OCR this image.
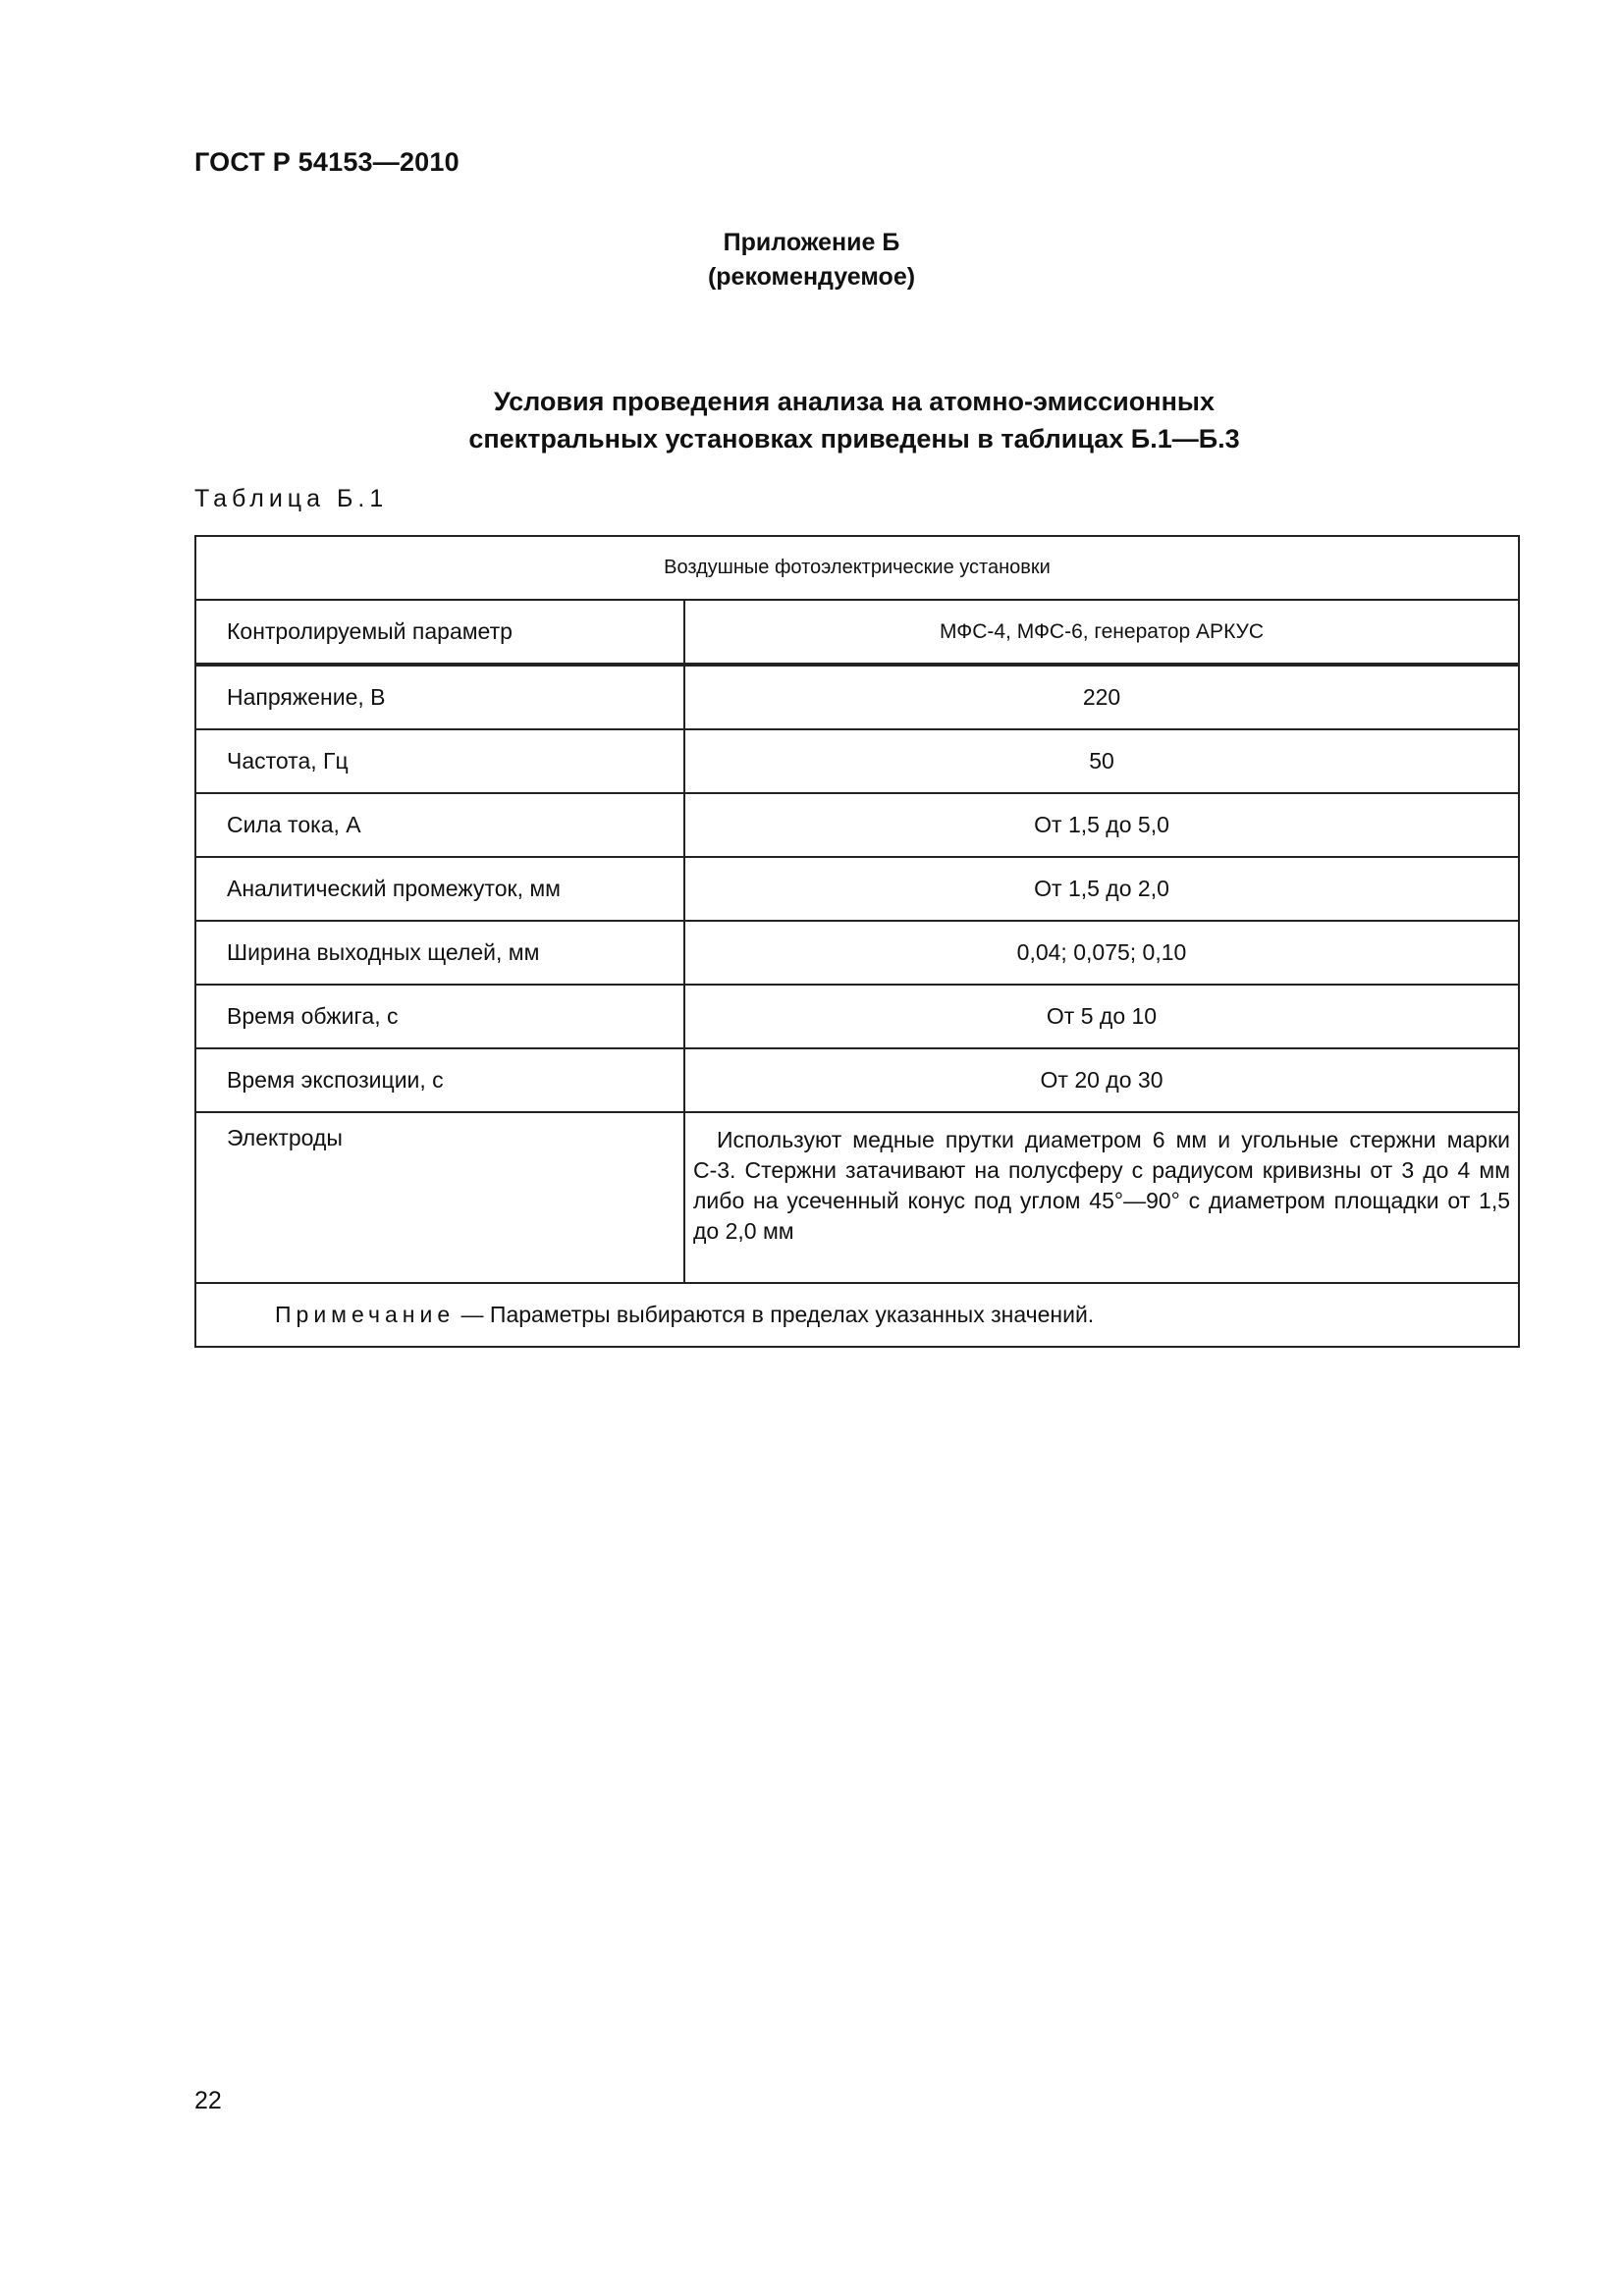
ГОСТ Р 54153—2010
Приложение Б
(рекомендуемое)
Условия проведения анализа на атомно-эмиссионных
спектральных установках приведены в таблицах Б.1—Б.3
Таблица Б.1
Воздушные фотоэлектрические установки	
Контролируемый параметр	МФС-4, МФС-6, генератор АРКУС
Напряжение, В	220
Частота, Гц	50
Сила тока, А	От 1,5 до 5,0
Аналитический промежуток, мм	От 1,5 до 2,0
Ширина выходных щелей, мм	0,04; 0,075; 0,10
Время обжига, с	От 5 до 10
Время экспозиции, с	От 20 до 30
Электроды	Используют медные прутки диаметром 6 мм и угольные стержни марки С-3. Стержни затачивают на полусферу с радиусом кривизны от 3 до 4 мм либо на усеченный конус под углом 45°—90° с диаметром площадки от 1,5 до 2,0 мм
Примечание — Параметры выбираются в пределах указанных значений.	
22
